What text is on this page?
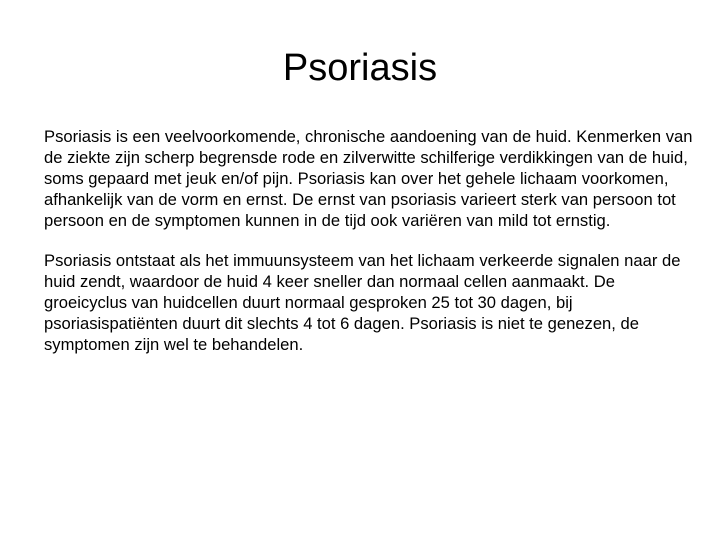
Psoriasis

Psoriasis is een veelvoorkomende, chronische aandoening van de huid. Kenmerken van de ziekte zijn scherp begrensde rode en zilverwitte schilferige verdikkingen van de huid, soms gepaard met jeuk en/of pijn. Psoriasis kan over het gehele lichaam voorkomen, afhankelijk van de vorm en ernst. De ernst van psoriasis varieert sterk van persoon tot persoon en de symptomen kunnen in de tijd ook variëren van mild tot ernstig.

Psoriasis ontstaat als het immuunsysteem van het lichaam verkeerde signalen naar de huid zendt, waardoor de huid 4 keer sneller dan normaal cellen aanmaakt. De groeicyclus van huidcellen duurt normaal gesproken 25 tot 30 dagen, bij psoriasispatiënten duurt dit slechts 4 tot 6 dagen. Psoriasis is niet te genezen, de symptomen zijn wel te behandelen.
